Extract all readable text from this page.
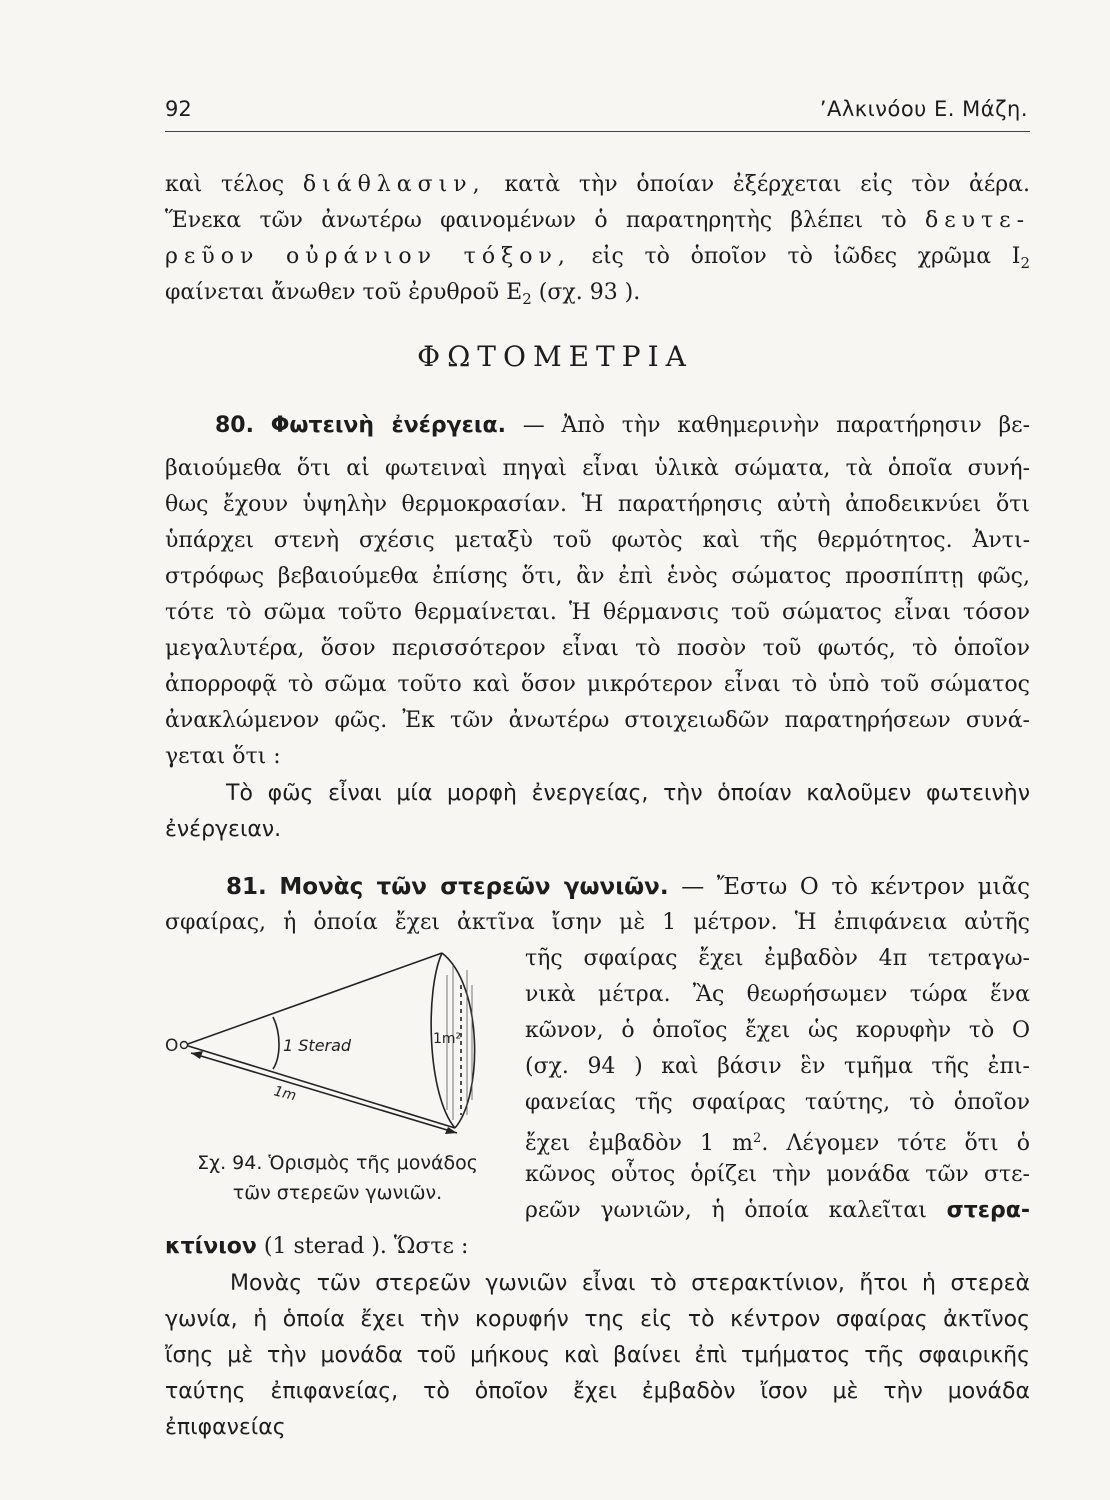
92	’Αλκινόου Ε. Μάζη.
καὶ τέλος διάθλασιν, κατὰ τὴν ὁποίαν ἐξέρχεται εἰς τὸν ἀέρα.
Ἕνεκα τῶν ἀνωτέρω φαινομένων ὁ παρατηρητὴς βλέπει τὸ δευτε-
ρεῦον οὐράνιον τόξον, εἰς τὸ ὁποῖον τὸ ἰῶδες χρῶμα $I_2$
φαίνεται ἄνωθεν τοῦ ἐρυθροῦ $E_2$ (σχ. 93 ).
ΦΩΤΟΜΕΤΡΙΑ
80. Φωτεινὴ ἐνέργεια. — Ἀπὸ τὴν καθημερινὴν παρατήρησιν βε-
βαιούμεθα ὅτι αἱ φωτειναὶ πηγαὶ εἶναι ὑλικὰ σώματα, τὰ ὁποῖα συνή-
θως ἔχουν ὑψηλὴν θερμοκρασίαν. Ἡ παρατήρησις αὐτὴ ἀποδεικνύει ὅτι
ὑπάρχει στενὴ σχέσις μεταξὺ τοῦ φωτὸς καὶ τῆς θερμότητος. Ἀντι-
στρόφως βεβαιούμεθα ἐπίσης ὅτι, ἂν ἐπὶ ἑνὸς σώματος προσπίπτῃ φῶς,
τότε τὸ σῶμα τοῦτο θερμαίνεται. Ἡ θέρμανσις τοῦ σώματος εἶναι τόσον
μεγαλυτέρα, ὅσον περισσότερον εἶναι τὸ ποσὸν τοῦ φωτός, τὸ ὁποῖον
ἀπορροφᾷ τὸ σῶμα τοῦτο καὶ ὅσον μικρότερον εἶναι τὸ ὑπὸ τοῦ σώματος
ἀνακλώμενον φῶς. Ἐκ τῶν ἀνωτέρω στοιχειωδῶν παρατηρήσεων συνά-
γεται ὅτι :
Τὸ φῶς εἶναι μία μορφὴ ἐνεργείας, τὴν ὁποίαν καλοῦμεν φωτεινὴν
ἐνέργειαν.
81. Μονὰς τῶν στερεῶν γωνιῶν. — Ἔστω Ο τὸ κέντρον μιᾶς
σφαίρας, ἡ ὁποία ἔχει ἀκτῖνα ἴσην μὲ 1 μέτρον. Ἡ ἐπιφάνεια αὐτῆς
τῆς σφαίρας ἔχει ἐμβαδὸν 4π τετραγω-
νικὰ μέτρα. Ἂς θεωρήσωμεν τώρα ἕνα
κῶνον, ὁ ὁποῖος ἔχει ὡς κορυφὴν τὸ Ο
(σχ. 94 ) καὶ βάσιν ἓν τμῆμα τῆς ἐπι-
φανείας τῆς σφαίρας ταύτης, τὸ ὁποῖον
ἔχει ἐμβαδὸν 1 $m^2$. Λέγομεν τότε ὅτι ὁ
κῶνος οὗτος ὁρίζει τὴν μονάδα τῶν στε-
ρεῶν γωνιῶν, ἡ ὁποία καλεῖται στερα-
κτίνιον (1 sterad ). Ὥστε :
O	1 Sterad
1m
1m²
Σχ. 94. Ὁρισμὸς τῆς μονάδος
τῶν στερεῶν γωνιῶν.
Μονὰς τῶν στερεῶν γωνιῶν εἶναι τὸ στερακτίνιον, ἤτοι ἡ στερεὰ
γωνία, ἡ ὁποία ἔχει τὴν κορυφήν της εἰς τὸ κέντρον σφαίρας ἀκτῖνος
ἴσης μὲ τὴν μονάδα τοῦ μήκους καὶ βαίνει ἐπὶ τμήματος τῆς σφαιρικῆς
ταύτης ἐπιφανείας, τὸ ὁποῖον ἔχει ἐμβαδὸν ἴσον μὲ τὴν μονάδα
ἐπιφανείας
